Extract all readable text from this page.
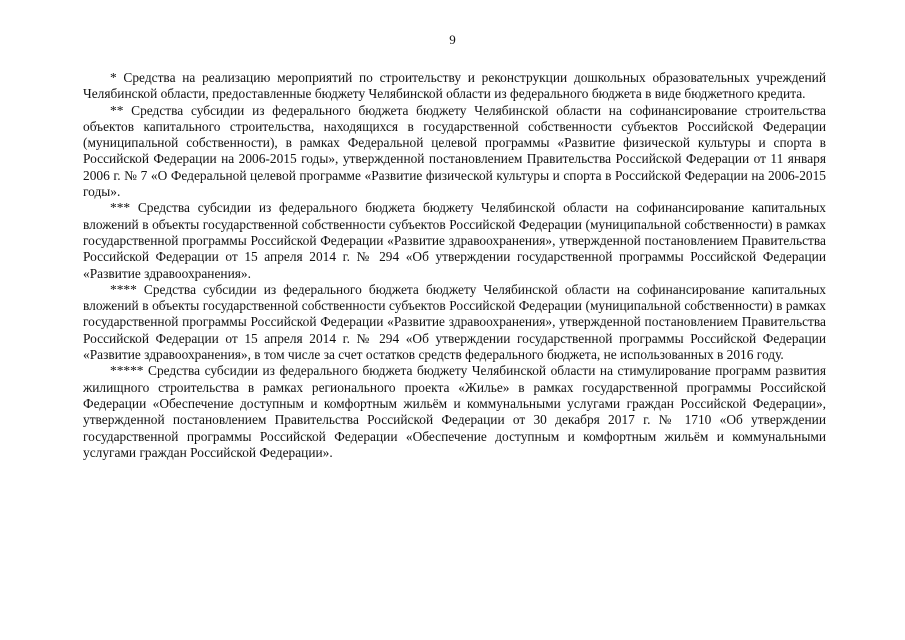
9

* Средства на реализацию мероприятий по строительству и реконструкции дошкольных образовательных учреждений Челябинской области, предоставленные бюджету Челябинской области из федерального бюджета в виде бюджетного кредита.

** Средства субсидии из федерального бюджета бюджету Челябинской области на софинансирование строительства объектов капитального строительства, находящихся в государственной собственности субъектов Российской Федерации (муниципальной собственности), в рамках Федеральной целевой программы «Развитие физической культуры и спорта в Российской Федерации на 2006-2015 годы», утвержденной постановлением Правительства Российской Федерации от 11 января 2006 г. № 7 «О Федеральной целевой программе «Развитие физической культуры и спорта в Российской Федерации на 2006-2015 годы».

*** Средства субсидии из федерального бюджета бюджету Челябинской области на софинансирование капитальных вложений в объекты государственной собственности субъектов Российской Федерации (муниципальной собственности) в рамках государственной программы Российской Федерации «Развитие здравоохранения», утвержденной постановлением Правительства Российской Федерации от 15 апреля 2014 г. № 294 «Об утверждении государственной программы Российской Федерации «Развитие здравоохранения».

**** Средства субсидии из федерального бюджета бюджету Челябинской области на софинансирование капитальных вложений в объекты государственной собственности субъектов Российской Федерации (муниципальной собственности) в рамках государственной программы Российской Федерации «Развитие здравоохранения», утвержденной постановлением Правительства Российской Федерации от 15 апреля 2014 г. № 294 «Об утверждении государственной программы Российской Федерации «Развитие здравоохранения», в том числе за счет остатков средств федерального бюджета, не использованных в 2016 году.

***** Средства субсидии из федерального бюджета бюджету Челябинской области на стимулирование программ развития жилищного строительства в рамках регионального проекта «Жилье» в рамках государственной программы Российской Федерации «Обеспечение доступным и комфортным жильём и коммунальными услугами граждан Российской Федерации», утвержденной постановлением Правительства Российской Федерации от 30 декабря 2017 г. № 1710 «Об утверждении государственной программы Российской Федерации «Обеспечение доступным и комфортным жильём и коммунальными услугами граждан Российской Федерации».
